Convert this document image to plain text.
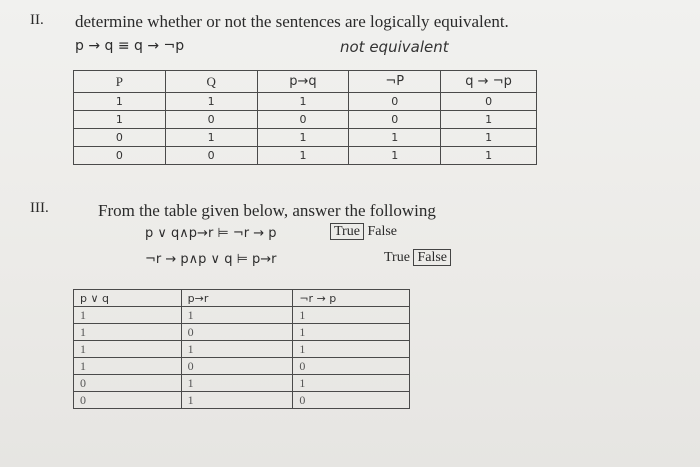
II. determine whether or not the sentences are logically equivalent.
p → q ≡ q → ¬p	not equivalent
P	Q	p→q	¬P	q → ¬p
1	1	1	0	0
1	0	0	0	1
0	1	1	1	1
0	0	1	1	1
III.	From the table given below, answer the following
p ∨ q∧p→r ⊨ ¬r → p	True False
¬r → p∧p ∨ q ⊨ p→r	True False
p ∨ q	p→r	¬r → p
1	1	1
1	0	1
1	1	1
1	0	0
0	1	1
0	1	0
